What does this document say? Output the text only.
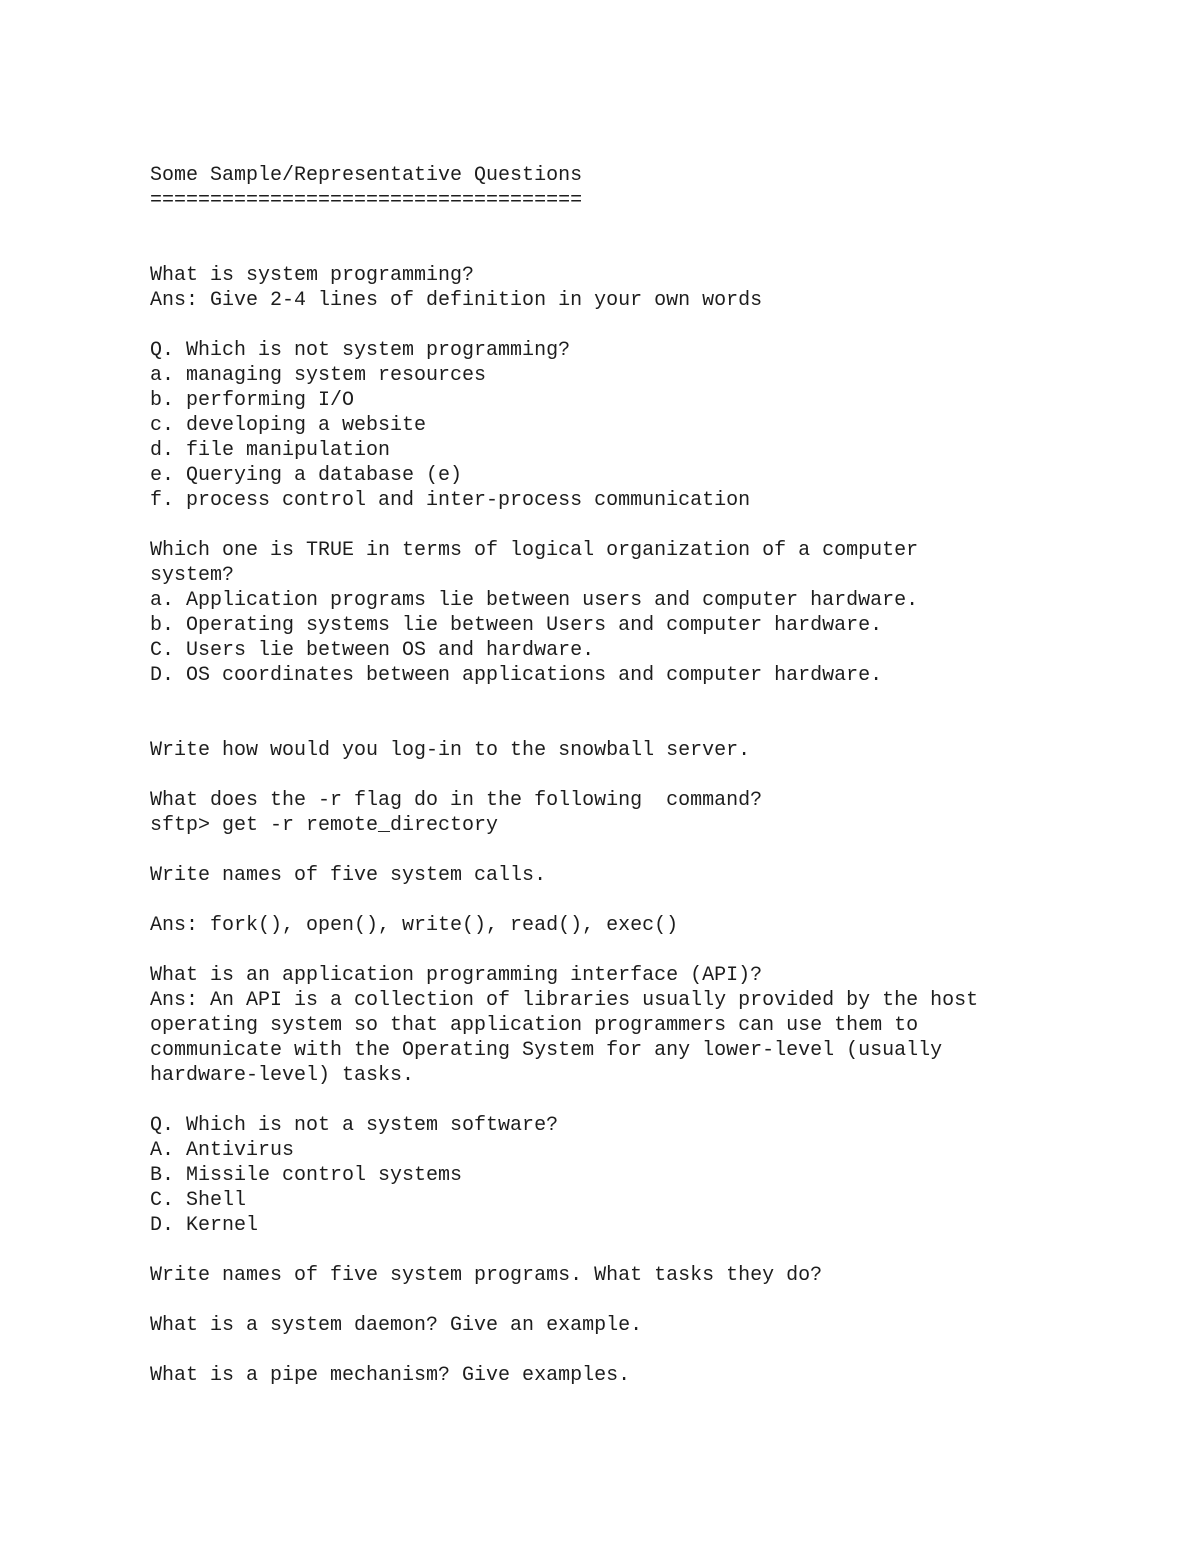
Some Sample/Representative Questions
====================================

What is system programming?
Ans: Give 2-4 lines of definition in your own words

Q. Which is not system programming?
a. managing system resources
b. performing I/O
c. developing a website
d. file manipulation
e. Querying a database (e)
f. process control and inter-process communication

Which one is TRUE in terms of logical organization of a computer
system?
a. Application programs lie between users and computer hardware.
b. Operating systems lie between Users and computer hardware.
C. Users lie between OS and hardware.
D. OS coordinates between applications and computer hardware.

Write how would you log-in to the snowball server.

What does the -r flag do in the following  command?
sftp> get -r remote_directory

Write names of five system calls.

Ans: fork(), open(), write(), read(), exec()

What is an application programming interface (API)?
Ans: An API is a collection of libraries usually provided by the host
operating system so that application programmers can use them to
communicate with the Operating System for any lower-level (usually
hardware-level) tasks.

Q. Which is not a system software?
A. Antivirus
B. Missile control systems
C. Shell
D. Kernel

Write names of five system programs. What tasks they do?

What is a system daemon? Give an example.

What is a pipe mechanism? Give examples.
